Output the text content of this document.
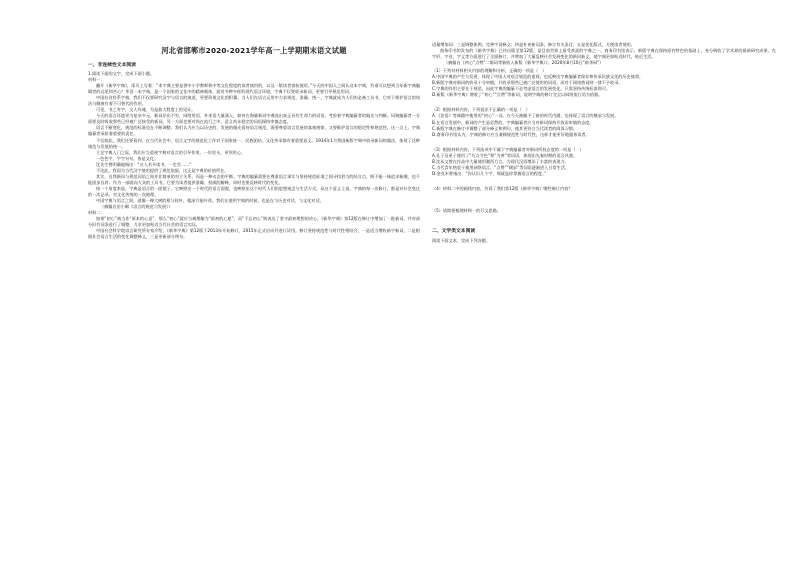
河北省邯郸市2020-2021学年高一上学期期末语文试题
一、非连续性文本阅读

1.阅读下面的文字，完成下面小题。

材料一：

翻开《新华字典》，扉页上写着：“本字典主要是供中小学教师和中等文化程度的读者使用的，以及一般读者查检使用。”今天的中国人之间认这本字典，有谁可以想到当年新字典编辑者的远见和苦心？毕竟一本字典，是一个国家的文化中的精神载体，面对多种多样的现代语言环境，字典不仅要收录新词，更要引导规范用词。

中国拉音符系字典，我们不仅要研究汉字与语言的演进，更要珍视文化的积累。当人们在语言运用中力求规范、准确、统一，字典就成为人们的必备工具书，它对于维护语言的纯洁与健康有着不可替代的作用。

可见，书之有字，文人有魂，为是最大程度上的见证。

今天的语言环境更为复杂多元，新词层出不穷，网络用语、外来语大量涌入，如何在海量新词中遴选出真正具有生命力的词语，考验着字典编纂者的眼光与判断。词典编纂者一方面要及时吸收那些已经被广泛接受的新词，另一方面也要对尚在流行之中、意义尚未稳定的词语保持审慎态度。

语言不断变化，规范的标准也在不断调整。我们认为应当以历史的、发展的眼光看待语言规范，既要尊重语言发展的客观规律，又要维护语言的稳定性和规范性。这一点上，字典编纂者承担着重要的责任。

不仅如此，我们还要看到，在当代社会中，语言文字的规范化工作对于国家统一、民族团结、文化传承都有着重要意义。1934年1月我国新版字典中收录新词的做法，体现了这种规范与发展的统一。

立足字典入门之际，我们应当重视字典对语言的引导作用。一年里头，更须用心。

一色色字，字字句句，皆是文化。

沈先生曾明确地指出：“这人若多读书，一定会……”

不论此，我国为当代汉字使用提供了规范依据，这正是字典的价值所在。

其实，自我新词与规范词语之间并非简单的对立关系，而是一种动态的平衡。字典的编纂需要在尊重语言事实与坚持规范标准之间寻找恰当的结合点，既不能一味追求新潮，也不能固步自封。作为一部面向大众的工具书，它要为读者提供准确、权威的解释，同时也要反映时代的变化。

按一个角度来说，字典是语言的一面镜子。它映照出一个时代的语言面貌，也映照出这个时代人们的思想观念与生活方式。从这个意义上说，字典的每一次修订，都是对社会变迁的一次记录，对文化传统的一次梳理。

中国字典与语言之间，就像一棵大树的根与枝叶，根深方能叶茂。我们在使用字典的时候，也是在与历史对话、与文化对话。

（摘编自田小琳《语言的规范与发展》）

材料二：

如果“初心”被当作“原本的心意”，那么“初心”就应当被理解为“最初的心愿”，而“不忘初心”则表达了坚守最初理想的决心。《新华字典》第12版在修订中增加了一批新词，并对部分旧有词条进行了调整，力求更加贴近当代社会的语言实际。

中国社会科学院语言研究所专家介绍，《新华字典》第12版于2013年开始修订，2015年正式启动并进行试用。修订坚持规范性与时代性相结合，一是适当增收新字新词，二是根据社会语言生活的变化调整释义，三是更新部分例句。

适量增加词：三是调整体例，完善字词释义；四是补充新词条，修订有关条目；五是优化版式，方便读者使用。

商务印书馆发布的《新华字典》已经出版至第12版，是目前世界上最受欢迎的字典之一。商务印书馆表示，新版字典在保持原有特色的基础上，充分吸收了学术界的最新研究成果，在字形、字音、字义等方面进行了全面修订，并增加了大量反映社会发展变化的新词新义，使字典更加贴近时代，贴近生活。

（摘编自《初心“点赞”二维码等新收入新版《新华字典》》，2020年8月10日“新华网”）

（1）下列对材料相关内容的理解和分析，正确的一项是（　）

A.中国字典的产生与发展，体现了中国人对语言规范的重视，也反映出字典编纂者保存和传承民族文化的历史使命。

B.新版字典对新词的收录十分审慎，只收录那些已被广泛使用的词语，而对于网络热词则一律不予收录。

C.字典的作用主要在于规范，因此字典的编纂不必考虑语言的发展变化，只需坚持传统标准即可。

D.新版《新华字典》增收了“初心”“点赞”等新词，说明字典的修订完全以网络流行语为依据。

（2）根据材料内容，下列说法不正确的一项是（　）

A.《论语》等典籍中使用的“初心”一词，在今天被赋予了新的时代内涵，也体现了语言的继承与发展。

B.在语言发展中，新词的产生是必然的，字典编纂者应当对新词保持开放而审慎的态度。

C.新版字典在修订中调整了部分释义和例句，使其更符合当代读者的阅读习惯。

D.商务印书馆认为，字典的修订应当兼顾规范性与时代性，这样才能更好地服务读者。

（3）根据材料内容，下列选项中不属于字典编纂者对新词所持态度的一项是（　）

A.孔子及弟子使用了“巧言令色”和“为善”等词语，体现出先秦时期的语言风貌。

B.沈从文曾在作品中大量使用湘西方言，为现代汉语增添了丰富的表现力。

C.当代青年热衷于使用网络语言，“点赞”“刷屏”等词语逐渐进入日常生活。

D.金克木曾指出：“你认识几个字，那就是你掌握语言的程度。”

（4）材料二中的画线内容，告诉了我们第12版《新华字典》哪些修订内容？

（5）请简要梳理材料一的行文思路。

二、文学类文本阅读

阅读下面文本，完成下列各题。
